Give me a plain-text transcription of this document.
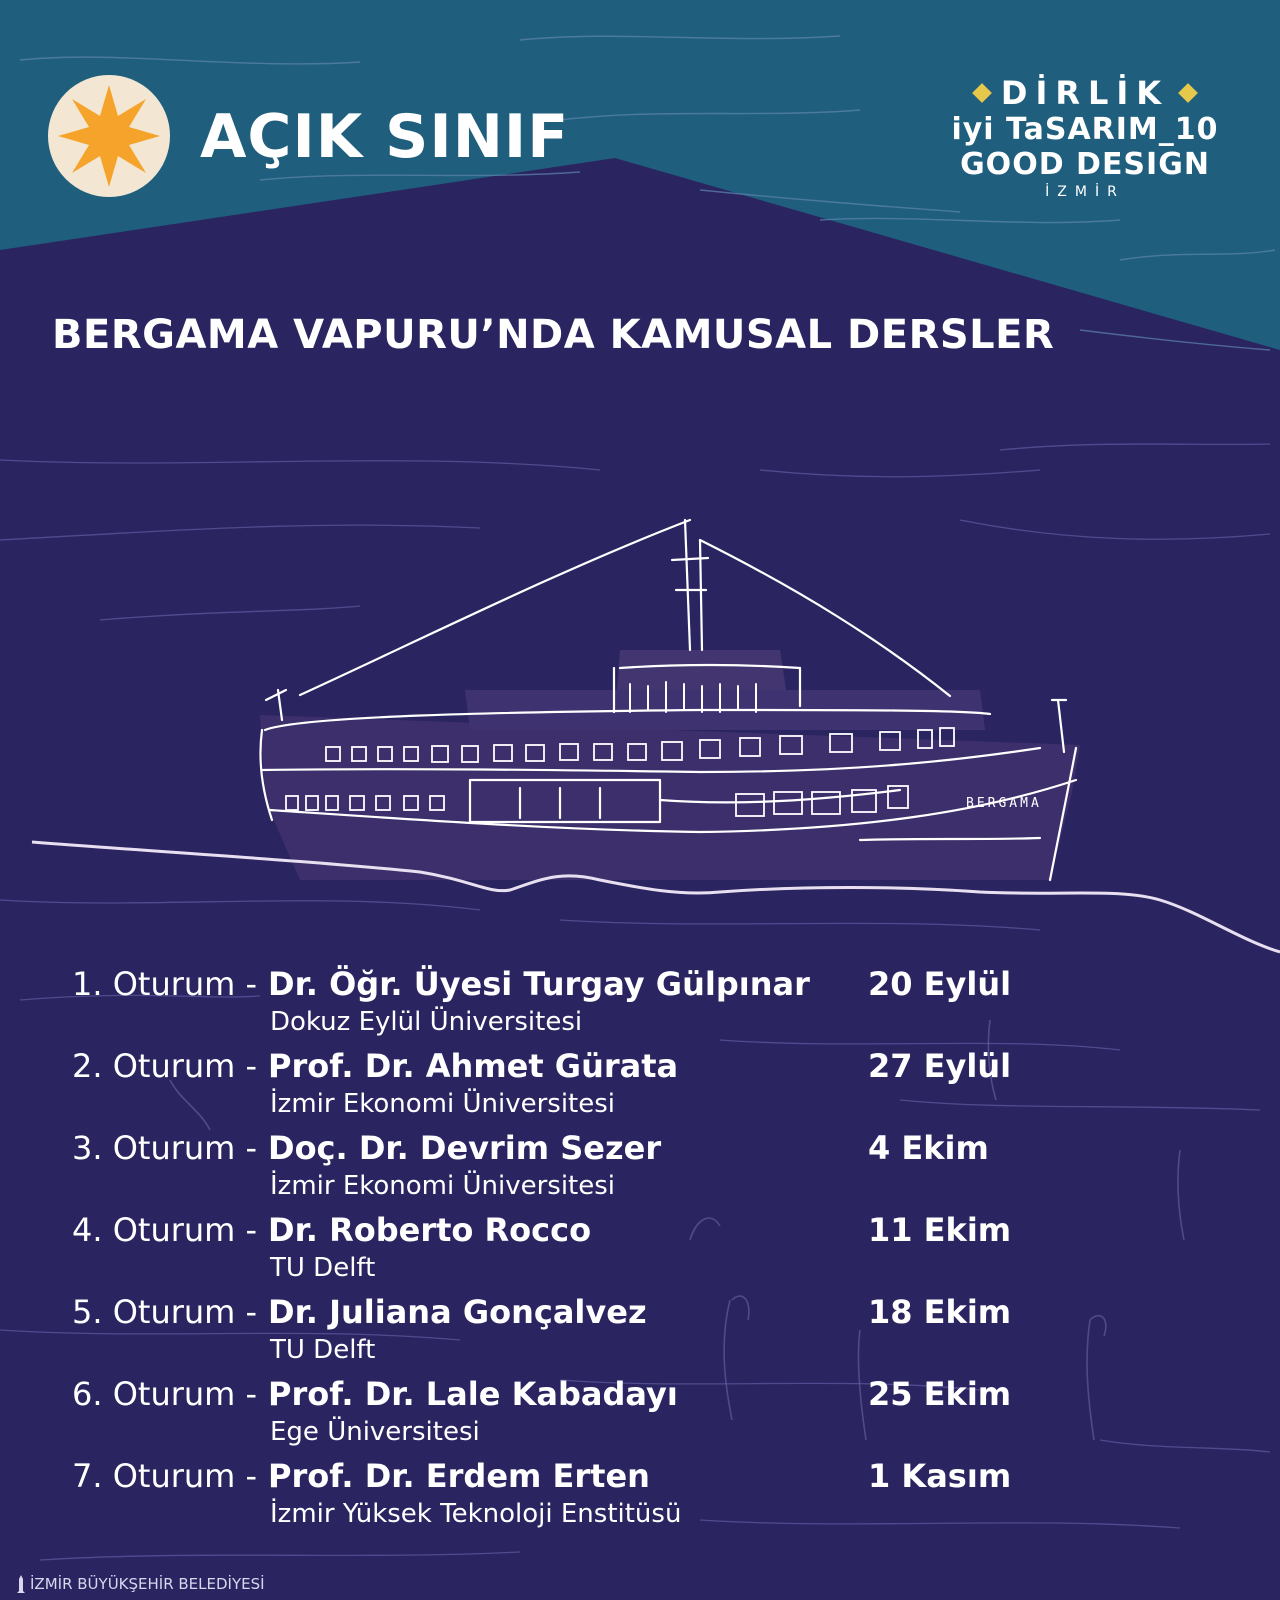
AÇIK SINIF
DİRLİK
iyi TaSARIM_10
GOOD DESIGN
İZMİR
BERGAMA VAPURU’NDA KAMUSAL DERSLER
BERGAMA
1. Oturum - Dr. Öğr. Üyesi Turgay Gülpınar 20 Eylül
Dokuz Eylül Üniversitesi
2. Oturum - Prof. Dr. Ahmet Gürata	27 Eylül
İzmir Ekonomi Üniversitesi
3. Oturum - Doç. Dr. Devrim Sezer	4 Ekim
İzmir Ekonomi Üniversitesi
4. Oturum - Dr. Roberto Rocco	11 Ekim
TU Delft
5. Oturum - Dr. Juliana Gonçalvez	18 Ekim
TU Delft
6. Oturum - Prof. Dr. Lale Kabadayı	25 Ekim
Ege Üniversitesi
7. Oturum - Prof. Dr. Erdem Erten	1 Kasım
İzmir Yüksek Teknoloji Enstitüsü
İZMİR BÜYÜKŞEHİR BELEDİYESİ
